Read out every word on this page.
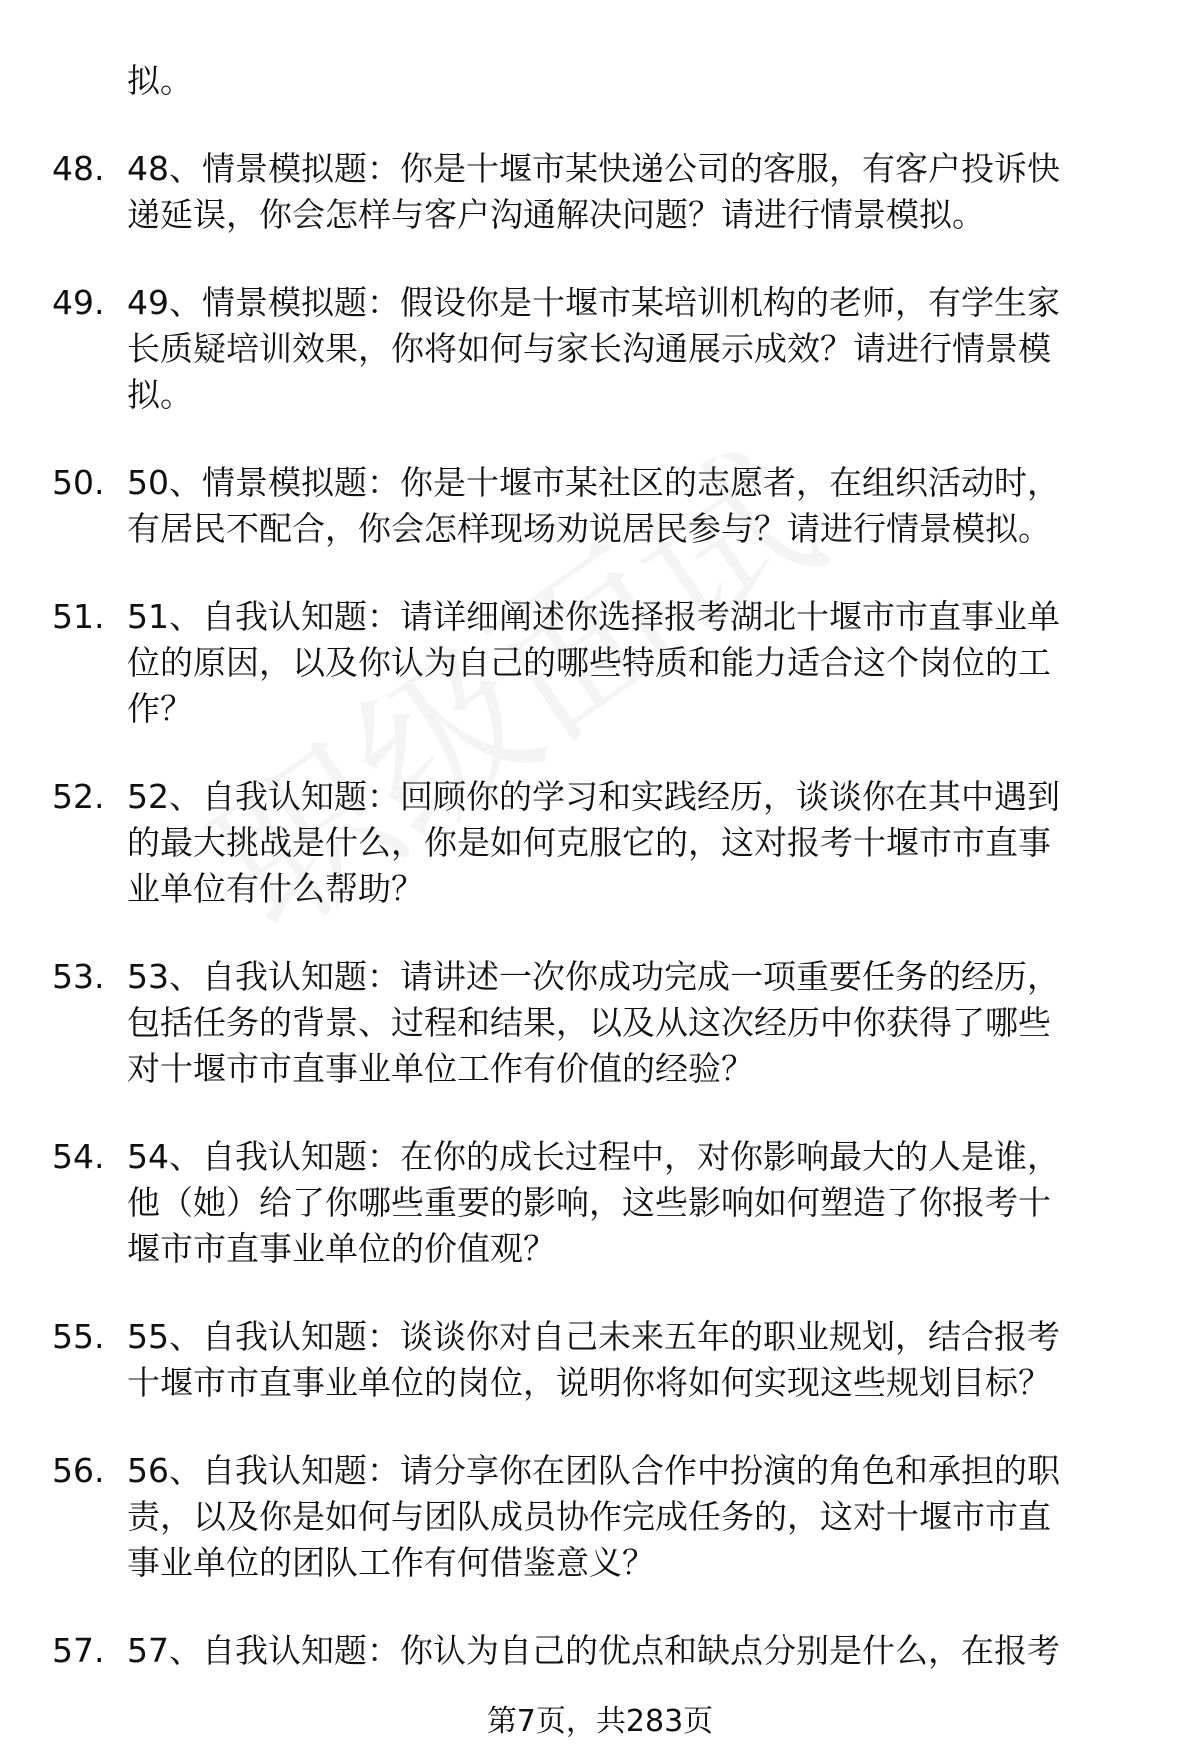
拟。
48. 48、情景模拟题：你是十堰市某快递公司的客服，有客户投诉快
递延误，你会怎样与客户沟通解决问题？请进行情景模拟。
49. 49、情景模拟题：假设你是十堰市某培训机构的老师，有学生家
长质疑培训效果，你将如何与家长沟通展示成效？请进行情景模
拟。
50. 50、情景模拟题：你是十堰市某社区的志愿者，在组织活动时，
有居民不配合，你会怎样现场劝说居民参与？请进行情景模拟。
51. 51、自我认知题：请详细阐述你选择报考湖北十堰市市直事业单
位的原因，以及你认为自己的哪些特质和能力适合这个岗位的工
作？
52. 52、自我认知题：回顾你的学习和实践经历，谈谈你在其中遇到
的最大挑战是什么，你是如何克服它的，这对报考十堰市市直事
业单位有什么帮助？
53. 53、自我认知题：请讲述一次你成功完成一项重要任务的经历，
包括任务的背景、过程和结果，以及从这次经历中你获得了哪些
对十堰市市直事业单位工作有价值的经验？
54. 54、自我认知题：在你的成长过程中，对你影响最大的人是谁，
他（她）给了你哪些重要的影响，这些影响如何塑造了你报考十
堰市市直事业单位的价值观？
55. 55、自我认知题：谈谈你对自己未来五年的职业规划，结合报考
十堰市市直事业单位的岗位，说明你将如何实现这些规划目标？
56. 56、自我认知题：请分享你在团队合作中扮演的角色和承担的职
责，以及你是如何与团队成员协作完成任务的，这对十堰市市直
事业单位的团队工作有何借鉴意义？
57. 57、自我认知题：你认为自己的优点和缺点分别是什么，在报考
第7页，共283页
